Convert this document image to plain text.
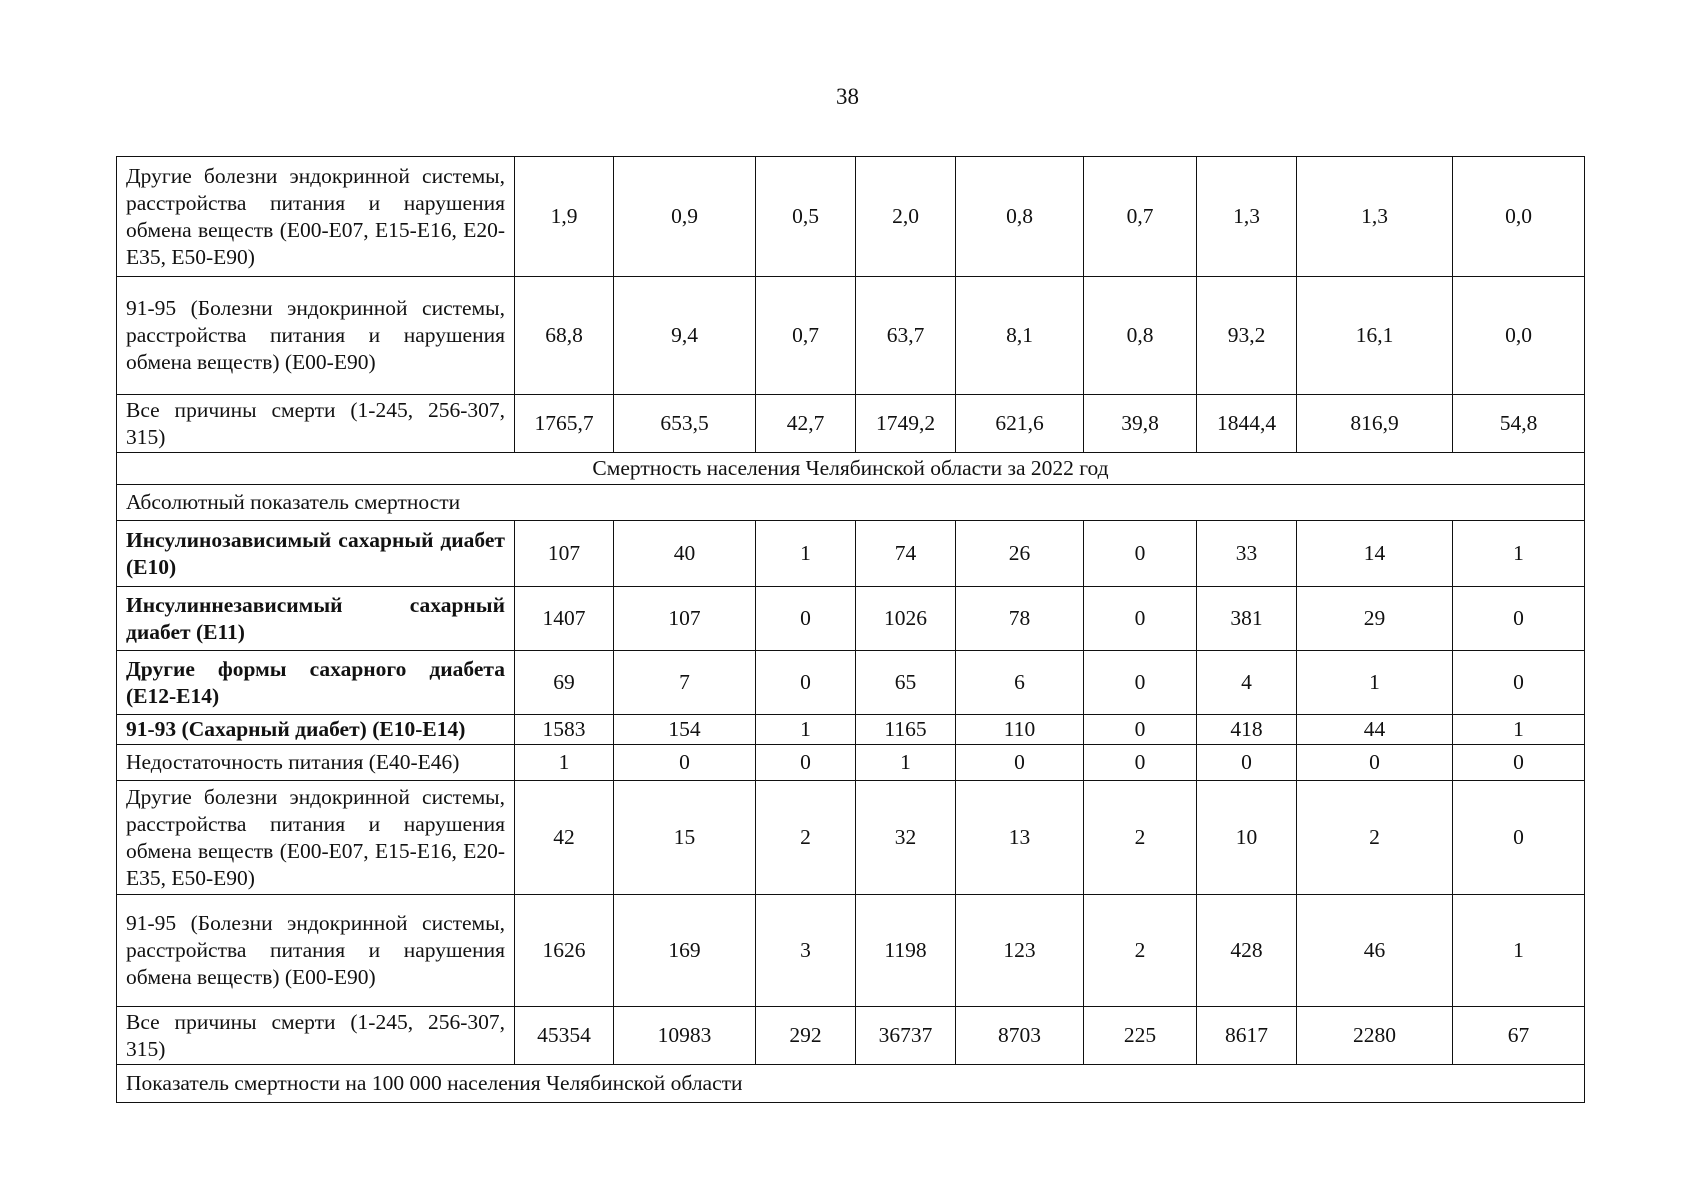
38
Другие болезни эндокринной системы, расстройства питания и нарушения обмена веществ (Е00-Е07, Е15-Е16, Е20-Е35, Е50-Е90)	1,9	0,9	0,5	2,0	0,8	0,7	1,3	1,3	0,0
91-95 (Болезни эндокринной системы, расстройства питания и нарушения обмена веществ) (Е00-Е90)	68,8	9,4	0,7	63,7	8,1	0,8	93,2	16,1	0,0
Все причины смерти (1-245, 256-307, 315)	1765,7	653,5	42,7	1749,2	621,6	39,8	1844,4	816,9	54,8
Смертность населения Челябинской области за 2022 год									
Абсолютный показатель смертности									
Инсулинозависимый сахарный диабет (Е10)	107	40	1	74	26	0	33	14	1
Инсулиннезависимый сахарный диабет (Е11)	1407	107	0	1026	78	0	381	29	0
Другие формы сахарного диабета (Е12-Е14)	69	7	0	65	6	0	4	1	0
91-93 (Сахарный диабет) (Е10-Е14)	1583	154	1	1165	110	0	418	44	1
Недостаточность питания (Е40-Е46)	1	0	0	1	0	0	0	0	0
Другие болезни эндокринной системы, расстройства питания и нарушения обмена веществ (Е00-Е07, Е15-Е16, Е20-Е35, Е50-Е90)	42	15	2	32	13	2	10	2	0
91-95 (Болезни эндокринной системы, расстройства питания и нарушения обмена веществ) (Е00-Е90)	1626	169	3	1198	123	2	428	46	1
Все причины смерти (1-245, 256-307, 315)	45354	10983	292	36737	8703	225	8617	2280	67
Показатель смертности на 100 000 населения Челябинской области									
